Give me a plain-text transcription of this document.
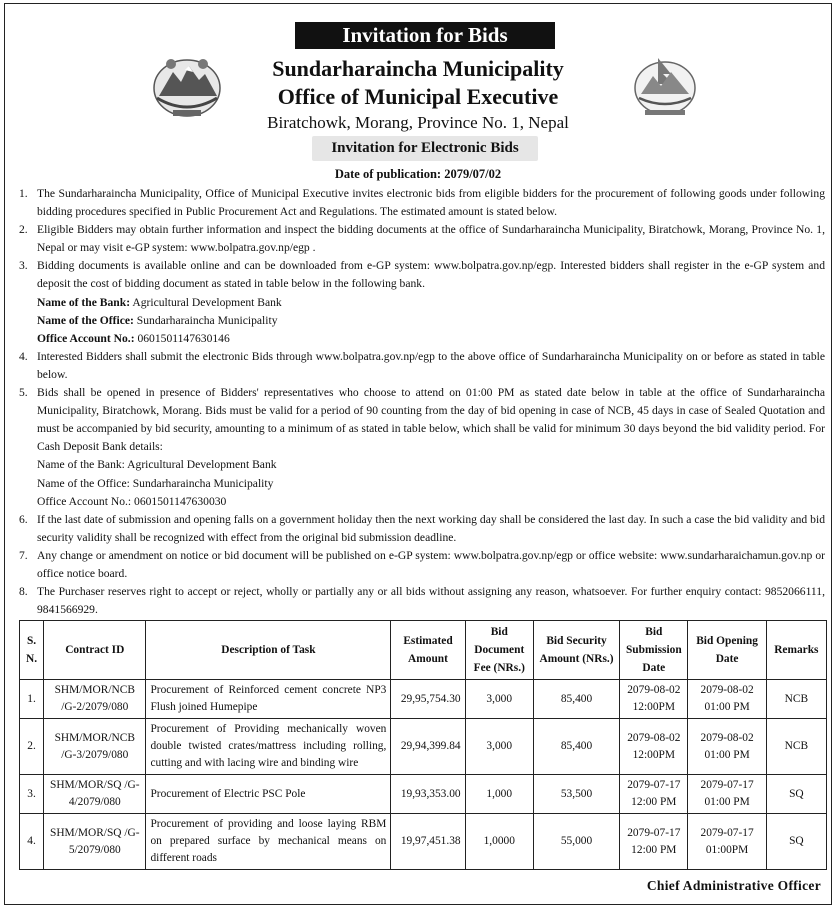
Invitation for Bids
Sundarharaincha Municipality
Office of Municipal Executive
Biratchowk, Morang, Province No. 1, Nepal
Invitation for Electronic Bids
Date of publication: 2079/07/02
1. The Sundarharaincha Municipality, Office of Municipal Executive invites electronic bids from eligible bidders for the procurement of following goods under following bidding procedures specified in Public Procurement Act and Regulations. The estimated amount is stated below.
2. Eligible Bidders may obtain further information and inspect the bidding documents at the office of Sundarharaincha Municipality, Biratchowk, Morang, Province No. 1, Nepal or may visit e-GP system: www.bolpatra.gov.np/egp .
3. Bidding documents is available online and can be downloaded from e-GP system: www.bolpatra.gov.np/egp. Interested bidders shall register in the e-GP system and deposit the cost of bidding document as stated in table below in the following bank.
Name of the Bank: Agricultural Development Bank
Name of the Office: Sundarharaincha Municipality
Office Account No.: 0601501147630146
4. Interested Bidders shall submit the electronic Bids through www.bolpatra.gov.np/egp to the above office of Sundarharaincha Municipality on or before as stated in table below.
5. Bids shall be opened in presence of Bidders' representatives who choose to attend on 01:00 PM as stated date below in table at the office of Sundarharaincha Municipality, Biratchowk, Morang. Bids must be valid for a period of 90 counting from the day of bid opening in case of NCB, 45 days in case of Sealed Quotation and must be accompanied by bid security, amounting to a minimum of as stated in table below, which shall be valid for minimum 30 days beyond the bid validity period. For Cash Deposit Bank details:
Name of the Bank: Agricultural Development Bank
Name of the Office: Sundarharaincha Municipality
Office Account No.: 0601501147630030
6. If the last date of submission and opening falls on a government holiday then the next working day shall be considered the last day. In such a case the bid validity and bid security validity shall be recognized with effect from the original bid submission deadline.
7. Any change or amendment on notice or bid document will be published on e-GP system: www.bolpatra.gov.np/egp or office website: www.sundarharaichamun.gov.np or office notice board.
8. The Purchaser reserves right to accept or reject, wholly or partially any or all bids without assigning any reason, whatsoever. For further enquiry contact: 9852066111, 9841566929.
S. N.	Contract ID	Description of Task	Estimated Amount	Bid Document Fee (NRs.)	Bid Security Amount (NRs.)	Bid Submission Date	Bid Opening Date	Remarks
1.	SHM/MOR/NCB /G-2/2079/080	Procurement of Reinforced cement concrete NP3 Flush joined Humepipe	29,95,754.30	3,000	85,400	2079-08-02 12:00PM	2079-08-02 01:00 PM	NCB
2.	SHM/MOR/NCB /G-3/2079/080	Procurement of Providing mechanically woven double twisted crates/mattress including rolling, cutting and with lacing wire and binding wire	29,94,399.84	3,000	85,400	2079-08-02 12:00PM	2079-08-02 01:00 PM	NCB
3.	SHM/MOR/SQ /G-4/2079/080	Procurement of Electric PSC Pole	19,93,353.00	1,000	53,500	2079-07-17 12:00 PM	2079-07-17 01:00 PM	SQ
4.	SHM/MOR/SQ /G-5/2079/080	Procurement of providing and loose laying RBM on prepared surface by mechanical means on different roads	19,97,451.38	1,0000	55,000	2079-07-17 12:00 PM	2079-07-17 01:00PM	SQ
Chief Administrative Officer
